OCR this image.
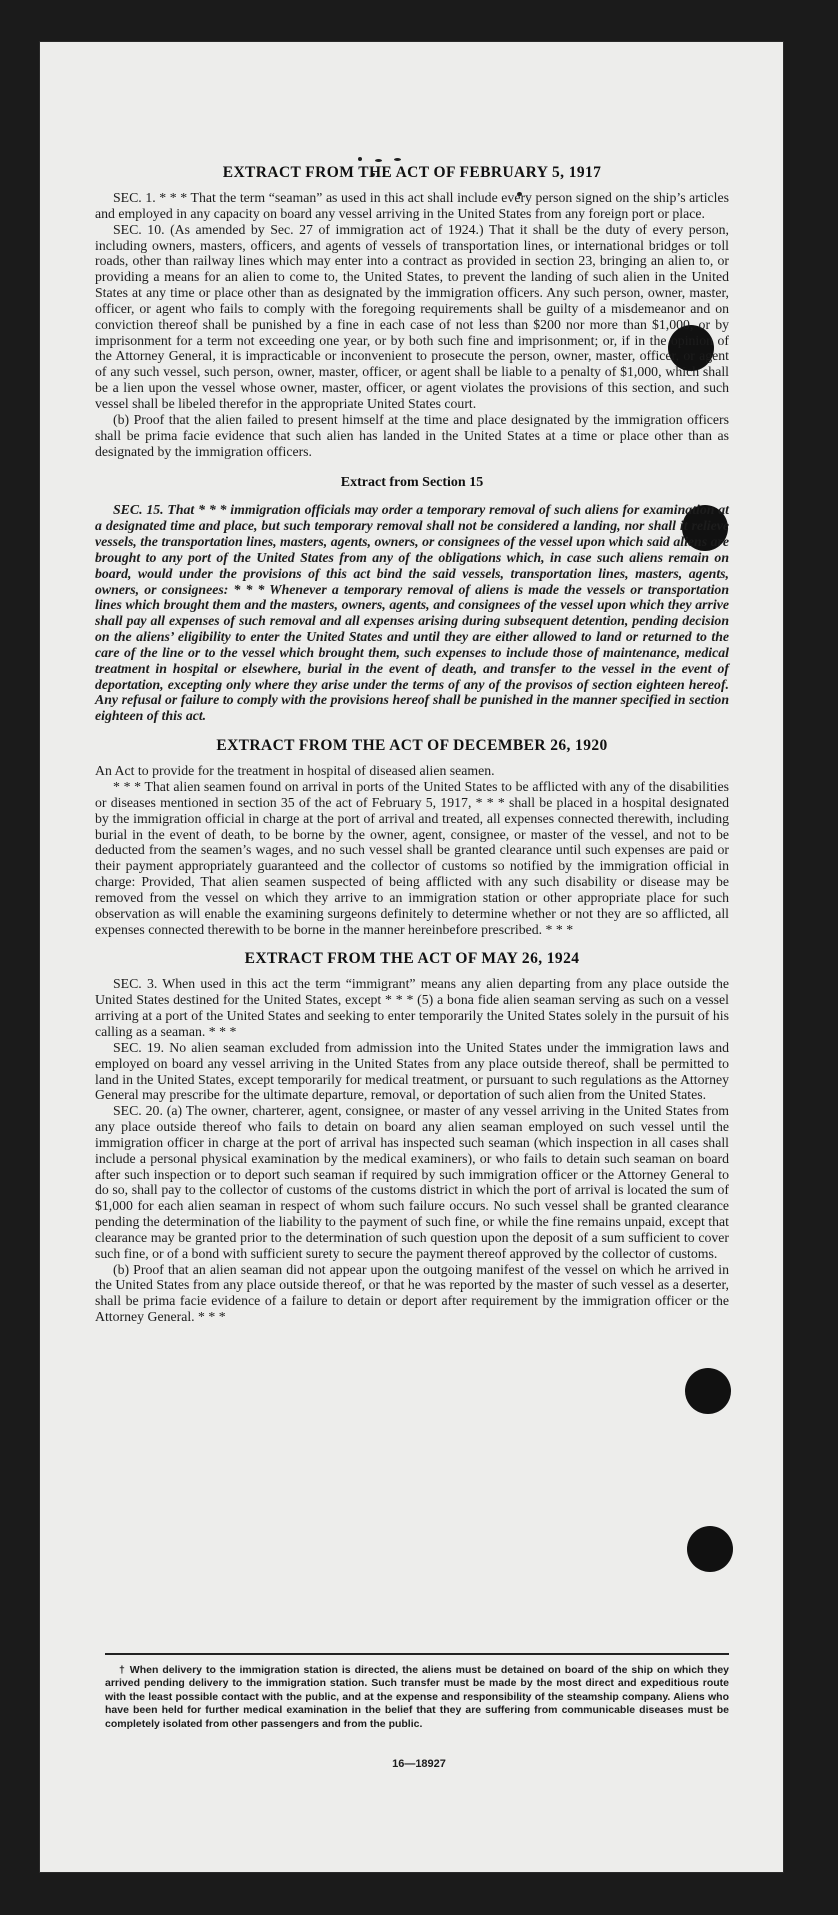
EXTRACT FROM THE ACT OF FEBRUARY 5, 1917

SEC. 1. * * * That the term “seaman” as used in this act shall include every person signed on the ship’s articles and employed in any capacity on board any vessel arriving in the United States from any foreign port or place.

SEC. 10. (As amended by Sec. 27 of immigration act of 1924.) That it shall be the duty of every person, including owners, masters, officers, and agents of vessels of transportation lines, or international bridges or toll roads, other than railway lines which may enter into a contract as provided in section 23, bringing an alien to, or providing a means for an alien to come to, the United States, to prevent the landing of such alien in the United States at any time or place other than as designated by the immigration officers. Any such person, owner, master, officer, or agent who fails to comply with the foregoing requirements shall be guilty of a misdemeanor and on conviction thereof shall be punished by a fine in each case of not less than $200 nor more than $1,000, or by imprisonment for a term not exceeding one year, or by both such fine and imprisonment; or, if in the opinion of the Attorney General, it is impracticable or inconvenient to prosecute the person, owner, master, officer, or agent of any such vessel, such person, owner, master, officer, or agent shall be liable to a penalty of $1,000, which shall be a lien upon the vessel whose owner, master, officer, or agent violates the provisions of this section, and such vessel shall be libeled therefor in the appropriate United States court.

(b) Proof that the alien failed to present himself at the time and place designated by the immigration officers shall be prima facie evidence that such alien has landed in the United States at a time or place other than as designated by the immigration officers.

Extract from Section 15

SEC. 15. That * * * immigration officials may order a temporary removal of such aliens for examination at a designated time and place, but such temporary removal shall not be considered a landing, nor shall it relieve vessels, the transportation lines, masters, agents, owners, or consignees of the vessel upon which said aliens are brought to any port of the United States from any of the obligations which, in case such aliens remain on board, would under the provisions of this act bind the said vessels, transportation lines, masters, agents, owners, or consignees: * * * Whenever a temporary removal of aliens is made the vessels or transportation lines which brought them and the masters, owners, agents, and consignees of the vessel upon which they arrive shall pay all expenses of such removal and all expenses arising during subsequent detention, pending decision on the aliens’ eligibility to enter the United States and until they are either allowed to land or returned to the care of the line or to the vessel which brought them, such expenses to include those of maintenance, medical treatment in hospital or elsewhere, burial in the event of death, and transfer to the vessel in the event of deportation, excepting only where they arise under the terms of any of the provisos of section eighteen hereof. Any refusal or failure to comply with the provisions hereof shall be punished in the manner specified in section eighteen of this act.

EXTRACT FROM THE ACT OF DECEMBER 26, 1920

An Act to provide for the treatment in hospital of diseased alien seamen.

* * * That alien seamen found on arrival in ports of the United States to be afflicted with any of the disabilities or diseases mentioned in section 35 of the act of February 5, 1917, * * * shall be placed in a hospital designated by the immigration official in charge at the port of arrival and treated, all expenses connected therewith, including burial in the event of death, to be borne by the owner, agent, consignee, or master of the vessel, and not to be deducted from the seamen’s wages, and no such vessel shall be granted clearance until such expenses are paid or their payment appropriately guaranteed and the collector of customs so notified by the immigration official in charge: Provided, That alien seamen suspected of being afflicted with any such disability or disease may be removed from the vessel on which they arrive to an immigration station or other appropriate place for such observation as will enable the examining surgeons definitely to determine whether or not they are so afflicted, all expenses connected therewith to be borne in the manner hereinbefore prescribed. * * *

EXTRACT FROM THE ACT OF MAY 26, 1924

SEC. 3. When used in this act the term “immigrant” means any alien departing from any place outside the United States destined for the United States, except * * * (5) a bona fide alien seaman serving as such on a vessel arriving at a port of the United States and seeking to enter temporarily the United States solely in the pursuit of his calling as a seaman. * * *

SEC. 19. No alien seaman excluded from admission into the United States under the immigration laws and employed on board any vessel arriving in the United States from any place outside thereof, shall be permitted to land in the United States, except temporarily for medical treatment, or pursuant to such regulations as the Attorney General may prescribe for the ultimate departure, removal, or deportation of such alien from the United States.

SEC. 20. (a) The owner, charterer, agent, consignee, or master of any vessel arriving in the United States from any place outside thereof who fails to detain on board any alien seaman employed on such vessel until the immigration officer in charge at the port of arrival has inspected such seaman (which inspection in all cases shall include a personal physical examination by the medical examiners), or who fails to detain such seaman on board after such inspection or to deport such seaman if required by such immigration officer or the Attorney General to do so, shall pay to the collector of customs of the customs district in which the port of arrival is located the sum of $1,000 for each alien seaman in respect of whom such failure occurs. No such vessel shall be granted clearance pending the determination of the liability to the payment of such fine, or while the fine remains unpaid, except that clearance may be granted prior to the determination of such question upon the deposit of a sum sufficient to cover such fine, or of a bond with sufficient surety to secure the payment thereof approved by the collector of customs.

(b) Proof that an alien seaman did not appear upon the outgoing manifest of the vessel on which he arrived in the United States from any place outside thereof, or that he was reported by the master of such vessel as a deserter, shall be prima facie evidence of a failure to detain or deport after requirement by the immigration officer or the Attorney General. * * *

† When delivery to the immigration station is directed, the aliens must be detained on board of the ship on which they arrived pending delivery to the immigration station. Such transfer must be made by the most direct and expeditious route with the least possible contact with the public, and at the expense and responsibility of the steamship company. Aliens who have been held for further medical examination in the belief that they are suffering from communicable diseases must be completely isolated from other passengers and from the public.

16—18927
